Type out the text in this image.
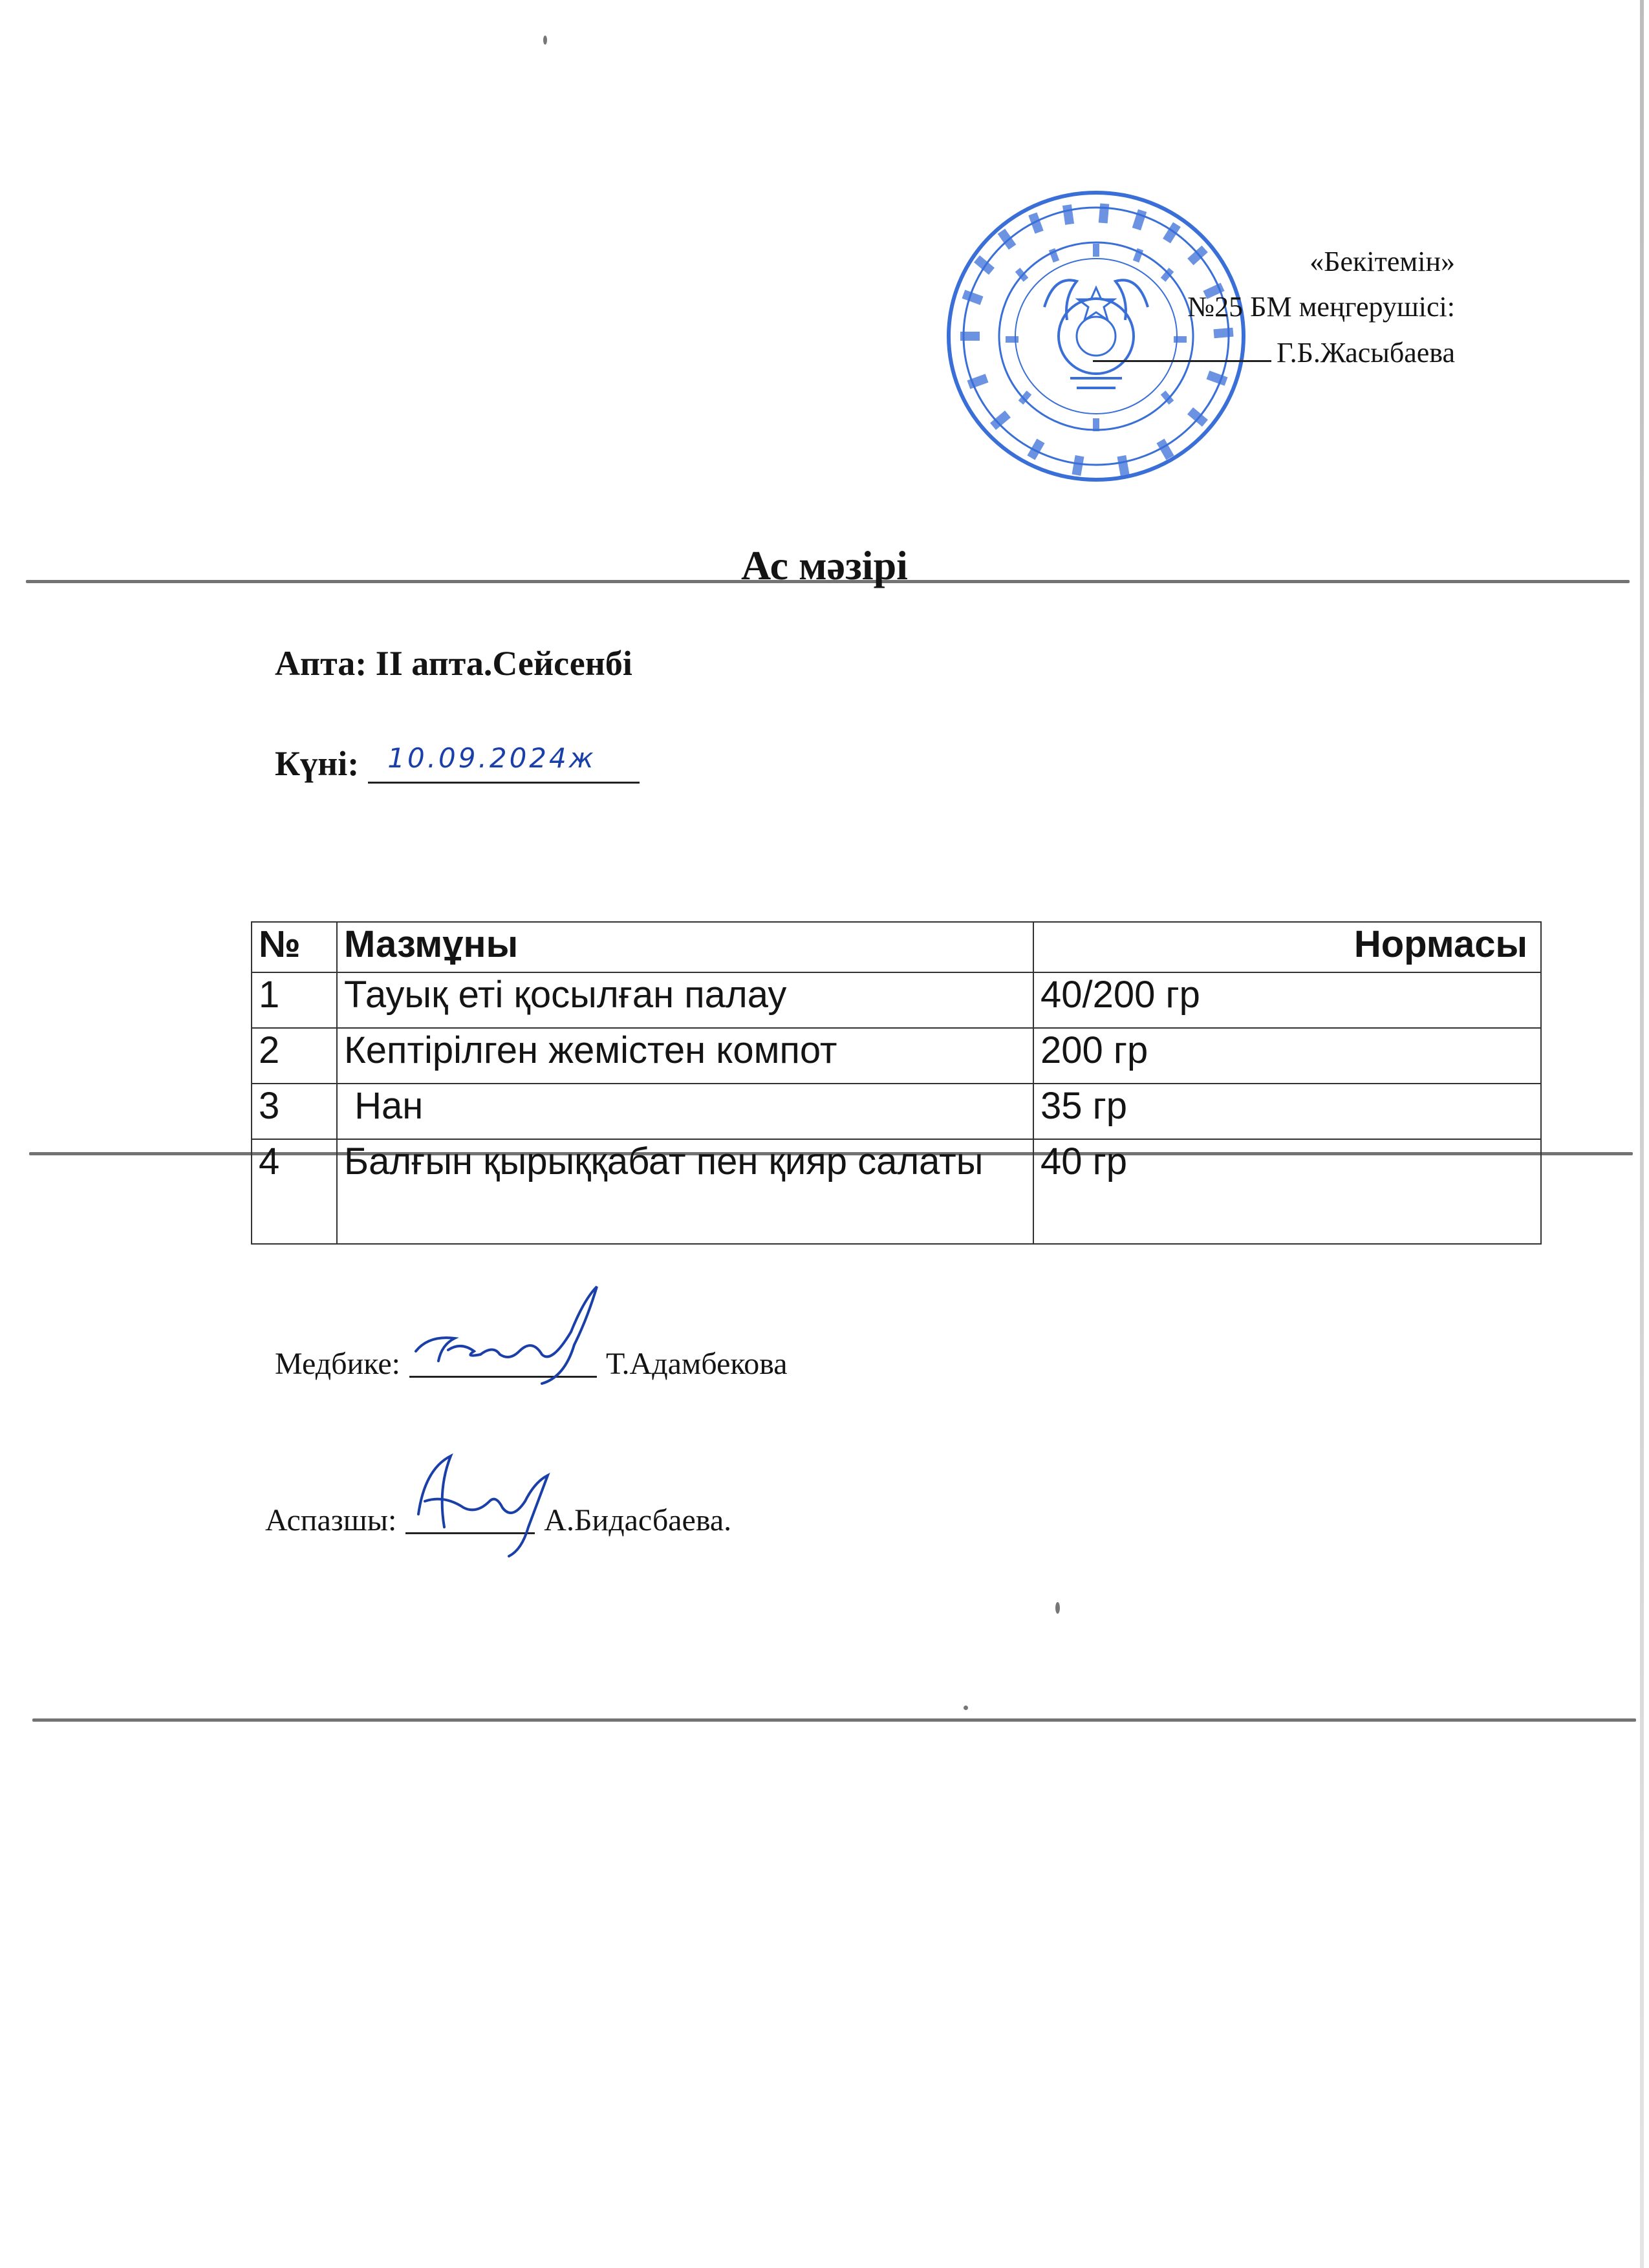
«Бекітемін»
№25 БМ меңгерушісі:
Г.Б.Жасыбаева
Ас мәзірі
Апта: II апта.Сейсенбі
Күні: 10.09.2024ж
№	Мазмұны	Нормасы
1	Тауық еті қосылған палау	40/200 гр
2	Кептірілген жемістен компот	200 гр
3	Нан	35 гр
4	Балғын қырыққабат пен қияр салаты	40 гр
Медбике:	Т.Адамбекова
Аспазшы:	А.Бидасбаева.
